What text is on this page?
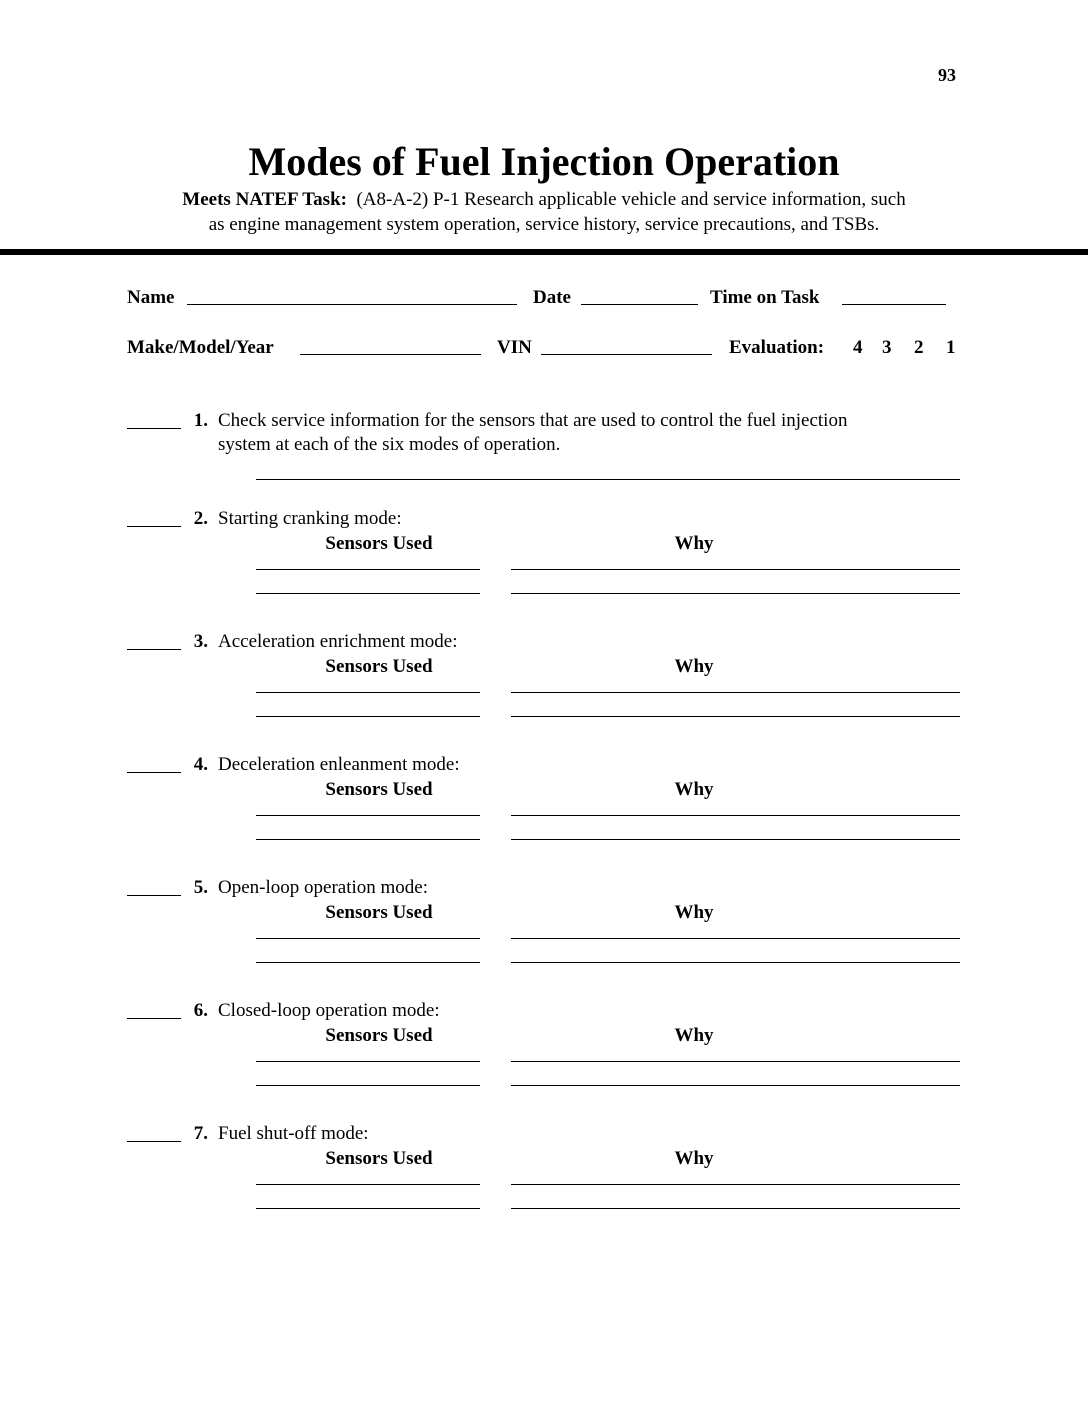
93
Modes of Fuel Injection Operation
Meets NATEF Task: (A8-A-2) P-1 Research applicable vehicle and service information, such
as engine management system operation, service history, service precautions, and TSBs.
Name	Date	Time on Task
Make/Model/Year	VIN	Evaluation: 4 3 2 1
1. Check service information for the sensors that are used to control the fuel injection
system at each of the six modes of operation.
2. Starting cranking mode:
Sensors Used	Why
3. Acceleration enrichment mode:
Sensors Used	Why
4. Deceleration enleanment mode:
Sensors Used	Why
5. Open-loop operation mode:
Sensors Used	Why
6. Closed-loop operation mode:
Sensors Used	Why
7. Fuel shut-off mode:
Sensors Used	Why
